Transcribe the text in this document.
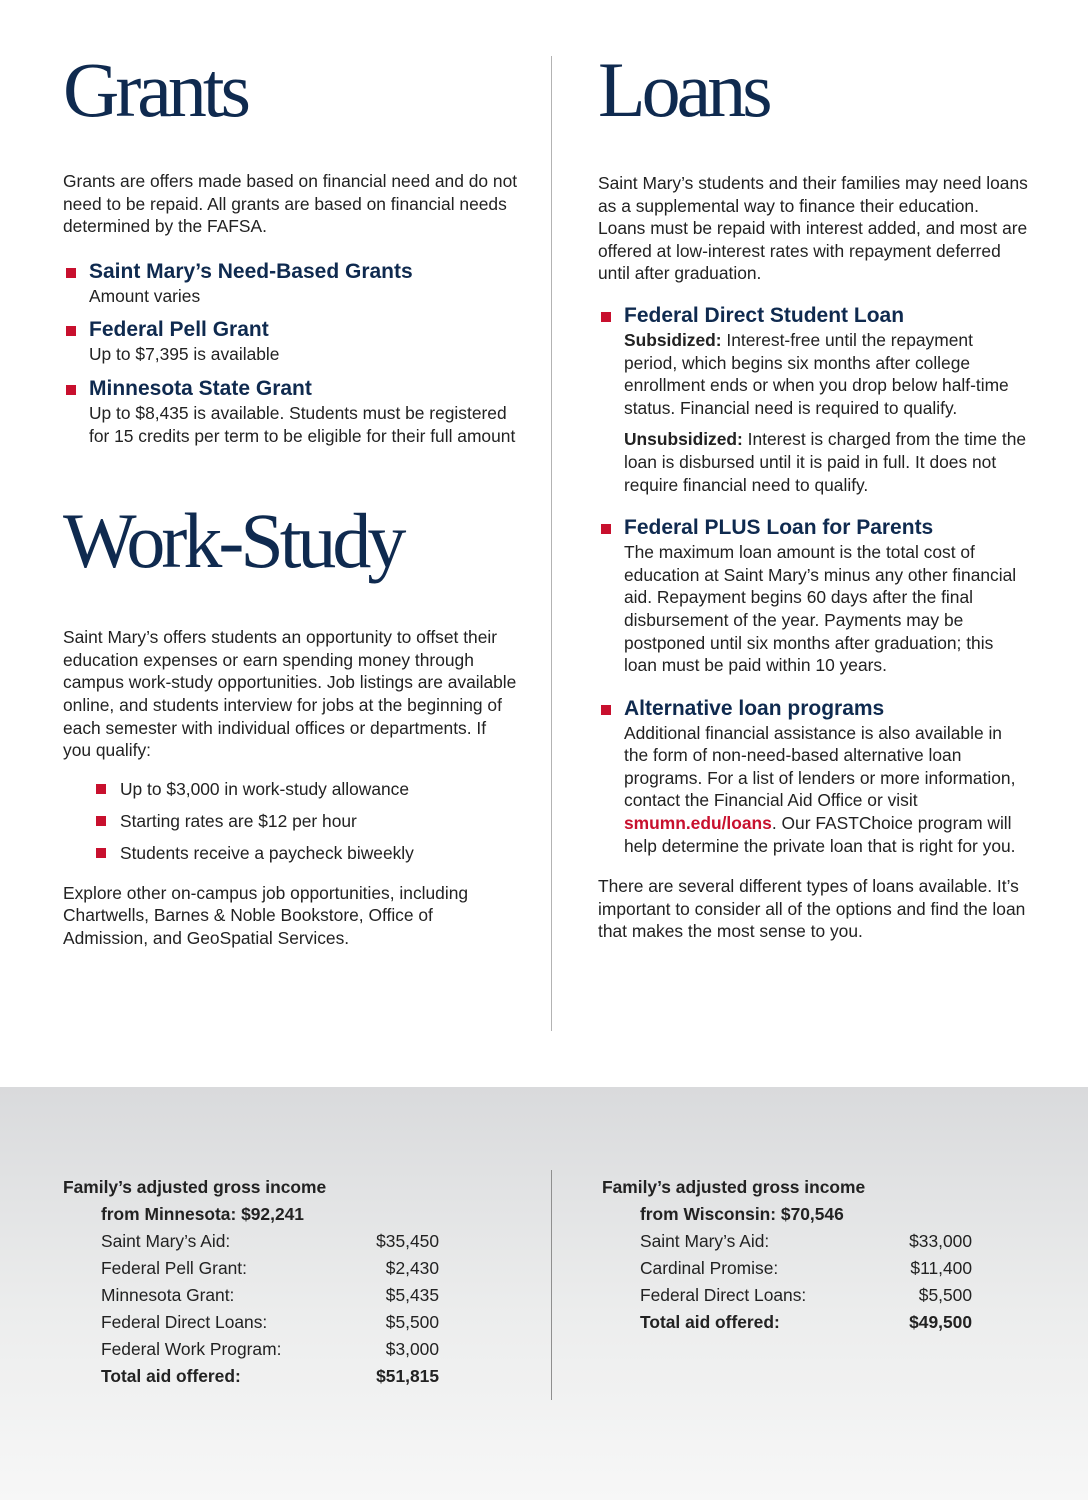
Grants

Grants are offers made based on financial need and do not need to be repaid. All grants are based on financial needs determined by the FAFSA.

Saint Mary’s Need-Based Grants
Amount varies
Federal Pell Grant
Up to $7,395 is available
Minnesota State Grant
Up to $8,435 is available. Students must be registered for 15 credits per term to be eligible for their full amount
Work-Study

Saint Mary’s offers students an opportunity to offset their education expenses or earn spending money through campus work-study opportunities. Job listings are available online, and students interview for jobs at the beginning of each semester with individual offices or departments. If you qualify:

Up to $3,000 in work-study allowance
Starting rates are $12 per hour
Students receive a paycheck biweekly

Explore other on-campus job opportunities, including Chartwells, Barnes & Noble Bookstore, Office of Admission, and GeoSpatial Services.

Loans

Saint Mary’s students and their families may need loans as a supplemental way to finance their education. Loans must be repaid with interest added, and most are offered at low-interest rates with repayment deferred until after graduation.

Federal Direct Student Loan
Subsidized: Interest-free until the repayment period, which begins six months after college enrollment ends or when you drop below half-time status. Financial need is required to qualify.
Unsubsidized: Interest is charged from the time the loan is disbursed until it is paid in full. It does not require financial need to qualify.
Federal PLUS Loan for Parents
The maximum loan amount is the total cost of education at Saint Mary’s minus any other financial aid. Repayment begins 60 days after the final disbursement of the year. Payments may be postponed until six months after graduation; this loan must be paid within 10 years.
Alternative loan programs
Additional financial assistance is also available in the form of non-need-based alternative loan programs. For a list of lenders or more information, contact the Financial Aid Office or visit smumn.edu/loans. Our FASTChoice program will help determine the private loan that is right for you.

There are several different types of loans available. It’s important to consider all of the options and find the loan that makes the most sense to you.

Family’s adjusted gross income
from Minnesota: $92,241
Saint Mary’s Aid:	$35,450
Federal Pell Grant:	$2,430
Minnesota Grant:	$5,435
Federal Direct Loans:	$5,500
Federal Work Program:	$3,000
Total aid offered:	$51,815
Family’s adjusted gross income
from Wisconsin: $70,546
Saint Mary’s Aid:	$33,000
Cardinal Promise:	$11,400
Federal Direct Loans:	$5,500
Total aid offered:	$49,500
